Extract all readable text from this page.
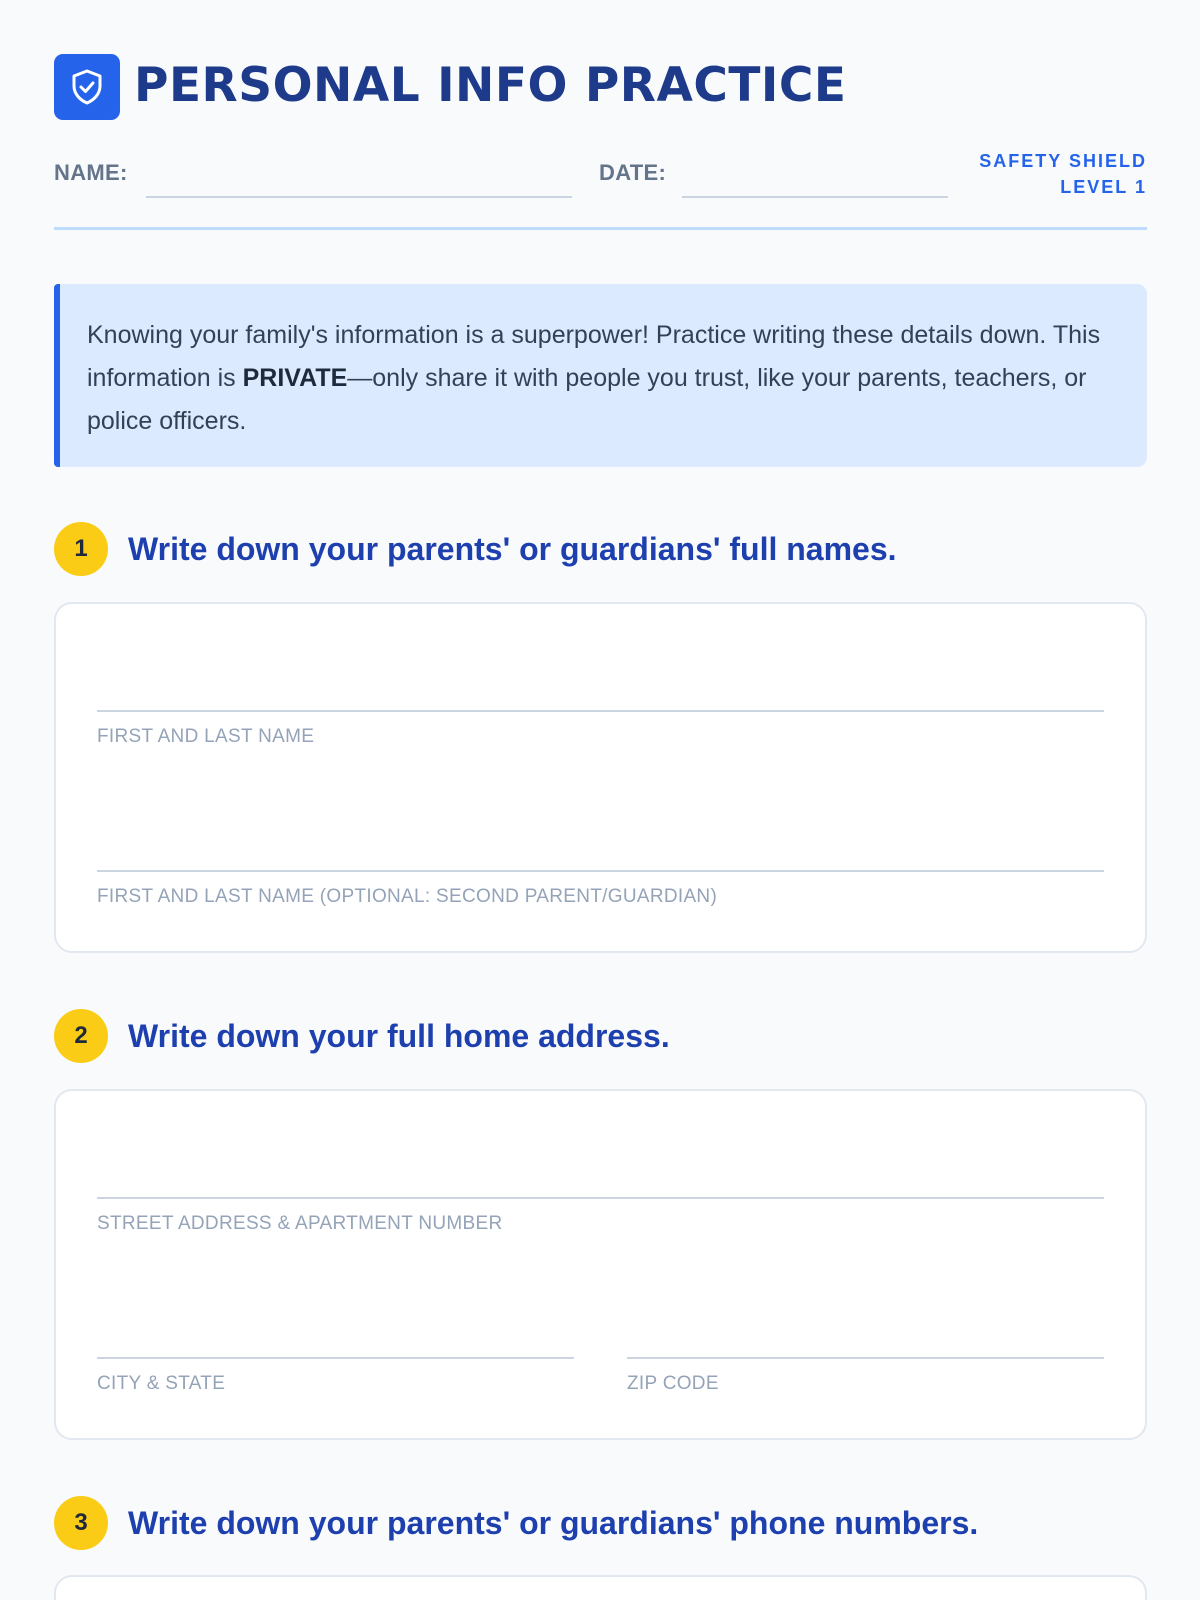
PERSONAL INFO PRACTICE
NAME:	DATE:	SAFETY SHIELD
LEVEL 1
Knowing your family's information is a superpower! Practice writing these details down. This information is PRIVATE—only share it with people you trust, like your parents, teachers, or police officers.
1	Write down your parents' or guardians' full names.
FIRST AND LAST NAME
FIRST AND LAST NAME (OPTIONAL: SECOND PARENT/GUARDIAN)
2	Write down your full home address.
STREET ADDRESS & APARTMENT NUMBER
CITY & STATE	ZIP CODE
3	Write down your parents' or guardians' phone numbers.
